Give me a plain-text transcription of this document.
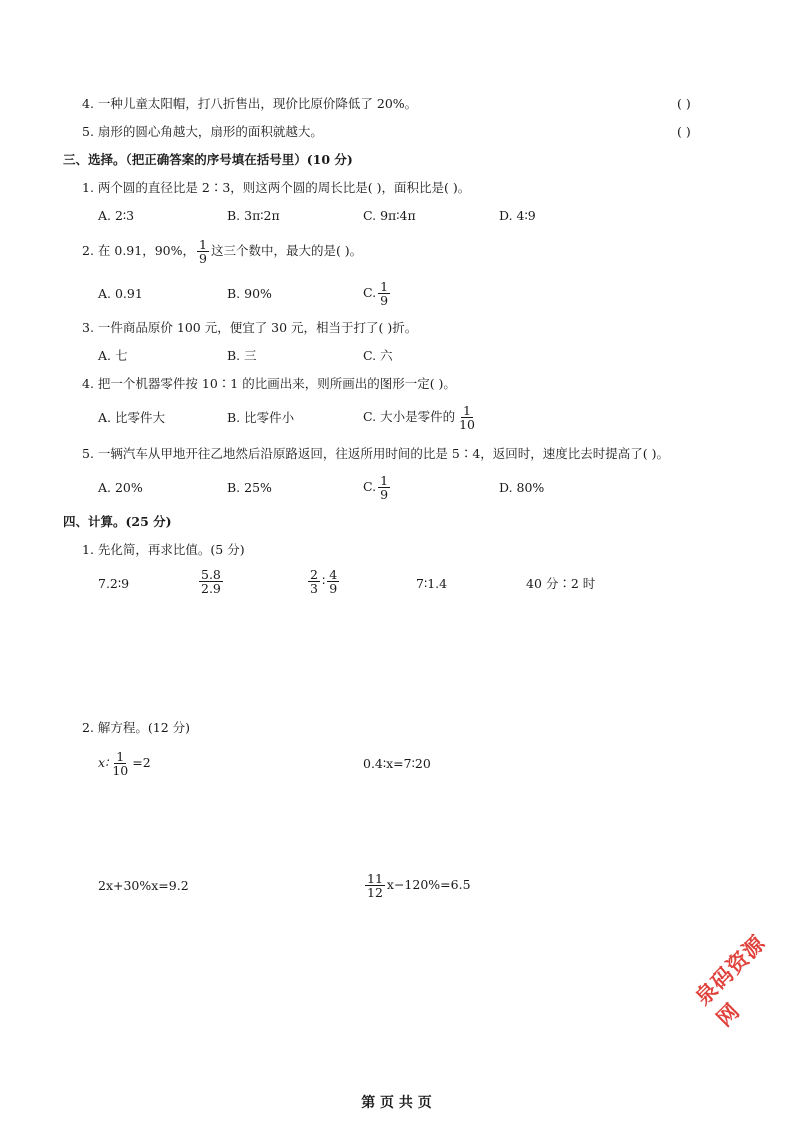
4. 一种儿童太阳帽，打八折售出，现价比原价降低了 20%。	( )
5. 扇形的圆心角越大，扇形的面积就越大。	( )
三、选择。（把正确答案的序号填在括号里）(10 分)
1. 两个圆的直径比是 2∶3，则这两个圆的周长比是( )，面积比是( )。
A. 2∶3	B. 3π∶2π	C. 9π∶4π	D. 4∶9
2. 在 0.91，90%， $\frac{1}{9}$ 这三个数中，最大的是( )。
A. 0.91	B. 90%	C. $\frac{1}{9}$
3. 一件商品原价 100 元，便宜了 30 元，相当于打了( )折。
A. 七	B. 三	C. 六
4. 把一个机器零件按 10∶1 的比画出来，则所画出的图形一定( )。
A. 比零件大	B. 比零件小	C. 大小是零件的 $\frac{1}{10}$
5. 一辆汽车从甲地开往乙地然后沿原路返回，往返所用时间的比是 5∶4，返回时，速度比去时提高了( )。
A. 20%	B. 25%	C. $\frac{1}{9}$	D. 80%
四、计算。(25 分)
1. 先化简，再求比值。(5 分)
7.2∶9	$\frac{5.8}{2.9}$	$\frac{2}{3}$ ∶ $\frac{4}{9}$	7∶1.4	40 分∶2 时
2. 解方程。(12 分)
x∶ $\frac{1}{10} =2$	0.4∶x=7∶20
2x+30%x=9.2	$\frac{11}{12} x-120\%=6.5$
泉码资源网
第 页 共 页
